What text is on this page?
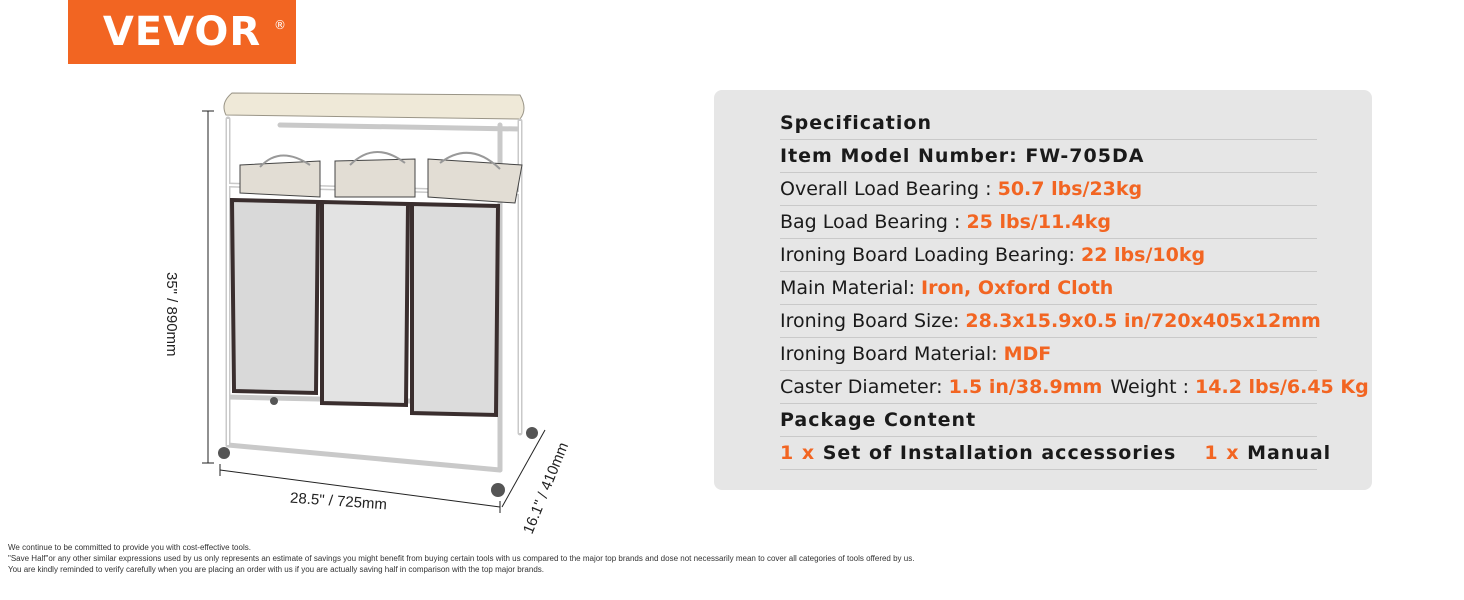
VEVOR ®
35" / 890mm
28.5" / 725mm	16.1" / 410mm
Specification
Item Model Number: FW-705DA
Overall Load Bearing : 50.7 lbs/23kg
Bag Load Bearing : 25 lbs/11.4kg
Ironing Board Loading Bearing: 22 lbs/10kg
Main Material: Iron, Oxford Cloth
Ironing Board Size: 28.3x15.9x0.5 in/720x405x12mm
Ironing Board Material: MDF
Caster Diameter: 1.5 in/38.9mm Weight : 14.2 lbs/6.45 Kg
Package Content
1 x Set of Installation accessories 1 x Manual
We continue to be committed to provide you with cost-effective tools.
"Save Half"or any other similar expressions used by us only represents an estimate of savings you might benefit from buying certain tools with us compared to the major top brands and dose not necessarily mean to cover all categories of tools offered by us.
You are kindly reminded to verify carefully when you are placing an order with us if you are actually saving half in comparison with the top major brands.
